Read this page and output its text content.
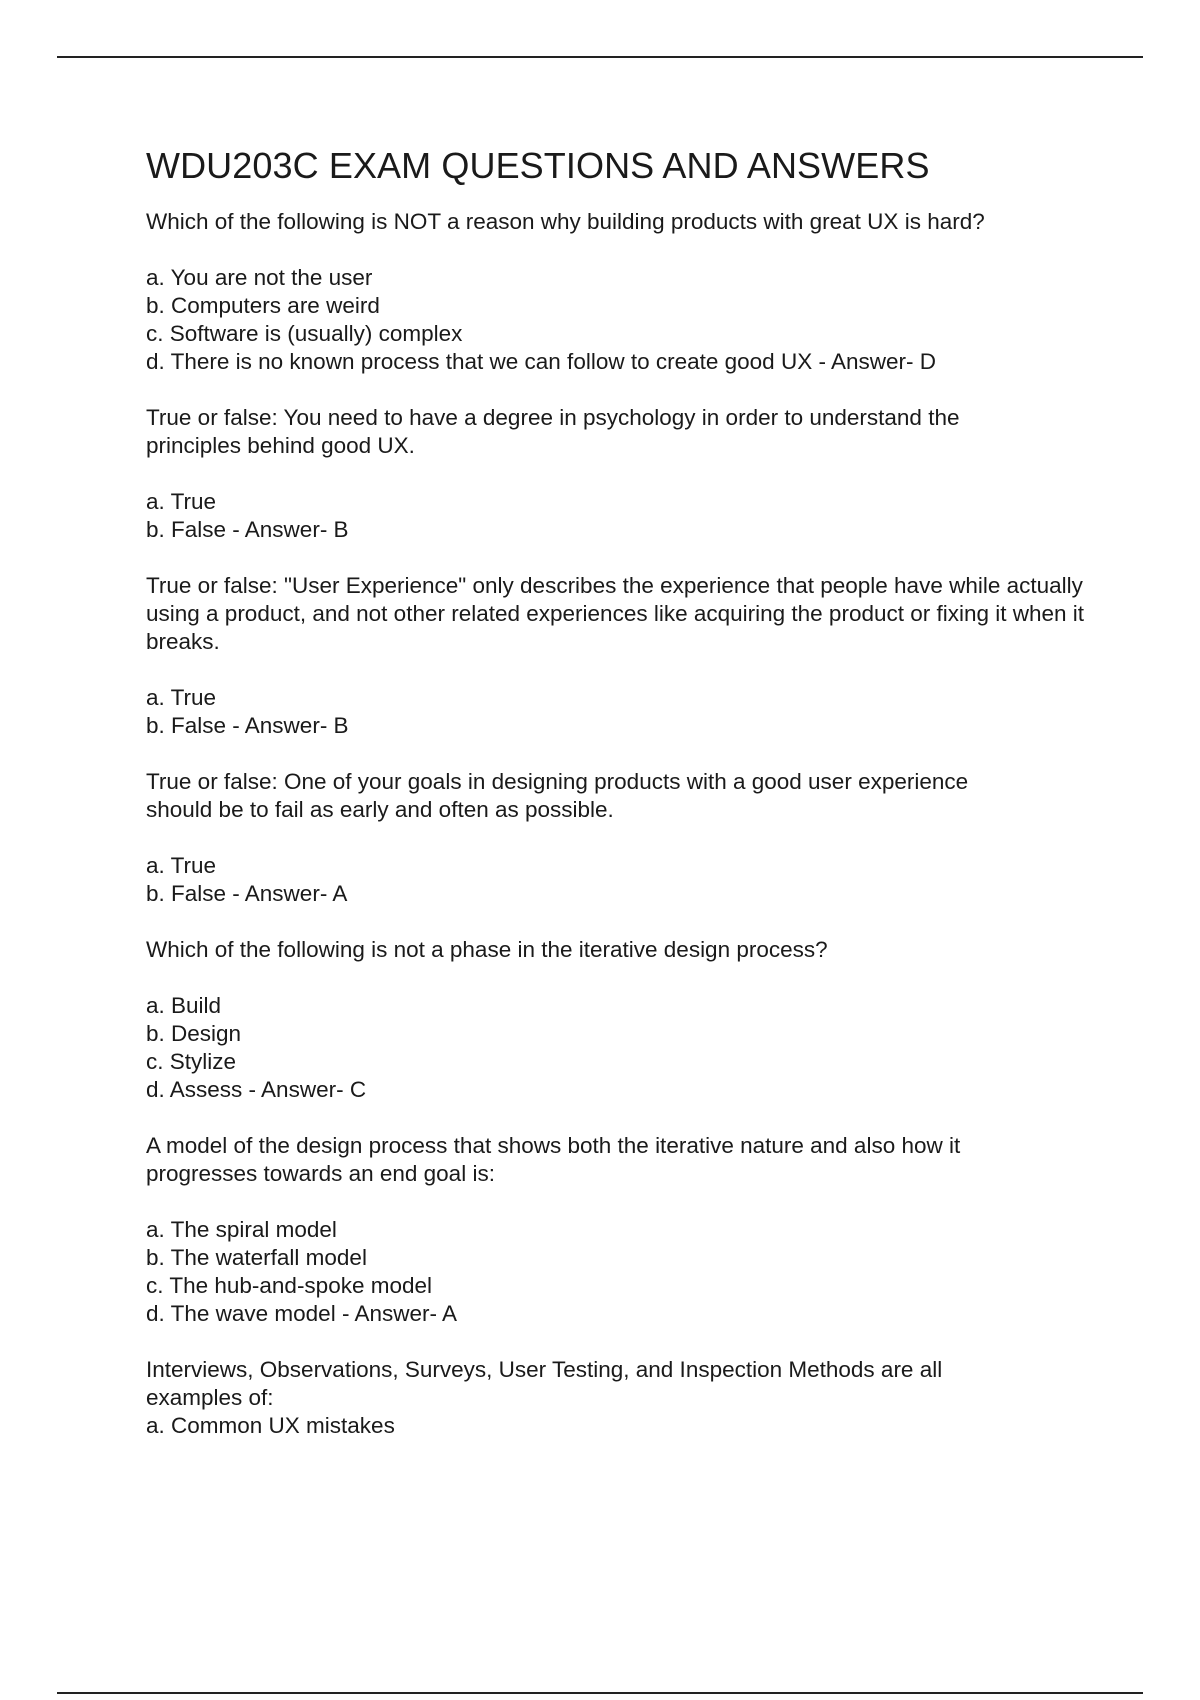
WDU203C EXAM QUESTIONS AND ANSWERS

Which of the following is NOT a reason why building products with great UX is hard?

a. You are not the user
b. Computers are weird
c. Software is (usually) complex
d. There is no known process that we can follow to create good UX - Answer- D

True or false: You need to have a degree in psychology in order to understand the principles behind good UX.

a. True
b. False - Answer- B

True or false: "User Experience" only describes the experience that people have while actually using a product, and not other related experiences like acquiring the product or fixing it when it breaks.

a. True
b. False - Answer- B

True or false: One of your goals in designing products with a good user experience should be to fail as early and often as possible.

a. True
b. False - Answer- A

Which of the following is not a phase in the iterative design process?

a. Build
b. Design
c. Stylize
d. Assess - Answer- C

A model of the design process that shows both the iterative nature and also how it progresses towards an end goal is:

a. The spiral model
b. The waterfall model
c. The hub-and-spoke model
d. The wave model - Answer- A

Interviews, Observations, Surveys, User Testing, and Inspection Methods are all examples of:

a. Common UX mistakes
